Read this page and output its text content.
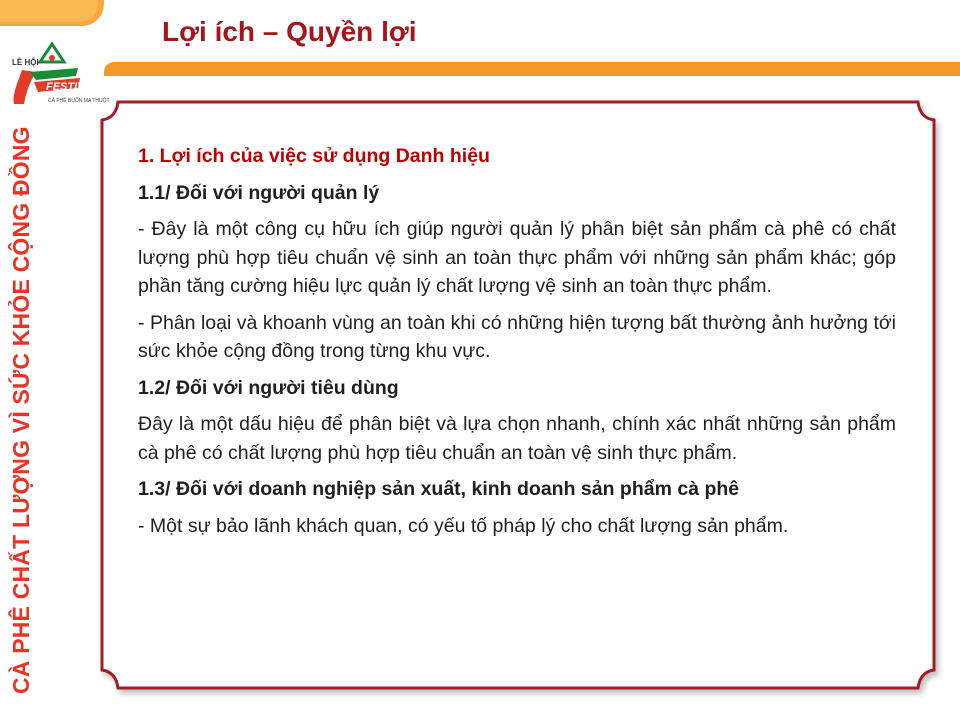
Lợi ích – Quyền lợi
FESTIVAL
CÀ PHÊ BUÔN MA THUỘT
LỄ HỘI
CÀ PHÊ CHẤT LƯỢNG VÌ SỨC KHỎE CỘNG ĐỒNG	1. Lợi ích của việc sử dụng Danh hiệu

1.1/ Đối với người quản lý

- Đây là một công cụ hữu ích giúp người quản lý phân biệt sản phẩm cà phê có chất lượng phù hợp tiêu chuẩn vệ sinh an toàn thực phẩm với những sản phẩm khác; góp phần tăng cường hiệu lực quản lý chất lượng vệ sinh an toàn thực phẩm.

- Phân loại và khoanh vùng an toàn khi có những hiện tượng bất thường ảnh hưởng tới sức khỏe cộng đồng trong từng khu vực.

1.2/ Đối với người tiêu dùng

Đây là một dấu hiệu để phân biệt và lựa chọn nhanh, chính xác nhất những sản phẩm cà phê có chất lượng phù hợp tiêu chuẩn an toàn vệ sinh thực phẩm.

1.3/ Đối với doanh nghiệp sản xuất, kinh doanh sản phẩm cà phê

- Một sự bảo lãnh khách quan, có yếu tố pháp lý cho chất lượng sản phẩm.
